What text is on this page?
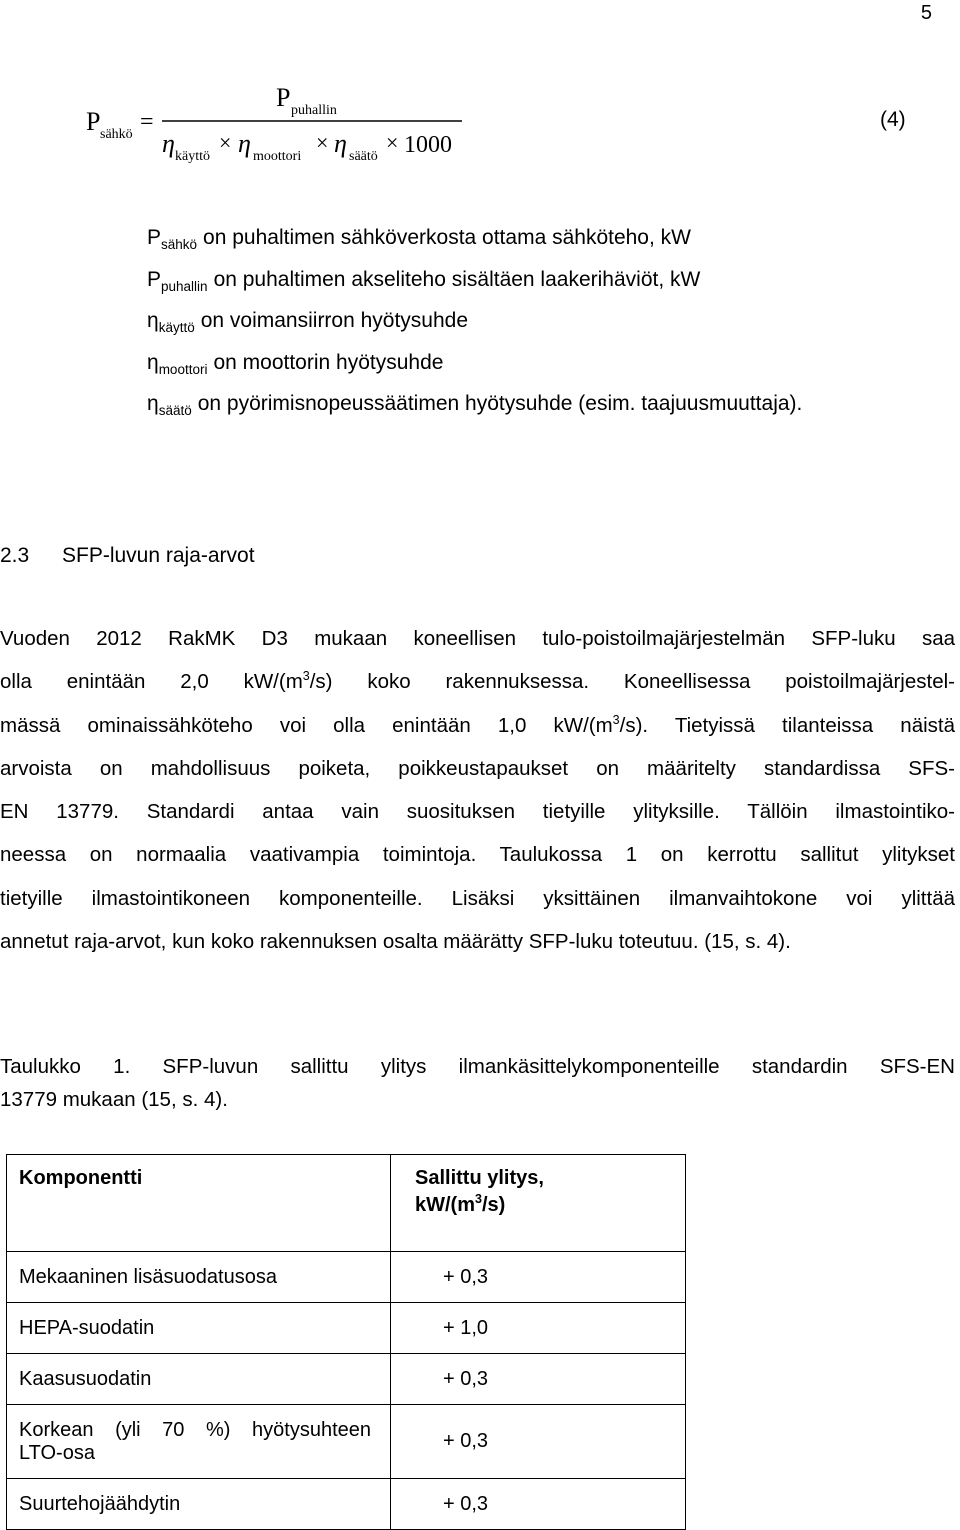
5
P sähkö =
P puhallin
η käyttö
× η moottori
× η säätö
× 1000
(4)
$P_{sähkö}$ on puhaltimen sähköverkosta ottama sähköteho, kW
$P_{puhallin}$ on puhaltimen akseliteho sisältäen laakerihäviöt, kW
$\eta_{käyttö}$ on voimansiirron hyötysuhde
$\eta_{moottori}$ on moottorin hyötysuhde
$\eta_{säätö}$ on pyörimisnopeussäätimen hyötysuhde (esim. taajuusmuuttaja).
2.3 SFP-luvun raja-arvot
Vuoden 2012 RakMK D3 mukaan koneellisen tulo-poistoilmajärjestelmän SFP-luku saa
olla enintään 2,0 $kW/(m^3/s)$ koko rakennuksessa. Koneellisessa poistoilmajärjestel-
mässä ominaissähköteho voi olla enintään 1,0 $kW/(m^3/s)$. Tietyissä tilanteissa näistä
arvoista on mahdollisuus poiketa, poikkeustapaukset on määritelty standardissa SFS-
EN 13779. Standardi antaa vain suosituksen tietyille ylityksille. Tällöin ilmastointiko-
neessa on normaalia vaativampia toimintoja. Taulukossa 1 on kerrottu sallitut ylitykset
tietyille ilmastointikoneen komponenteille. Lisäksi yksittäinen ilmanvaihtokone voi ylittää
annetut raja-arvot, kun koko rakennuksen osalta määrätty SFP-luku toteutuu. (15, s. 4).
Taulukko 1. SFP-luvun sallittu ylitys ilmankäsittelykomponenteille standardin SFS-EN
13779 mukaan (15, s. 4).
Komponentti	Sallittu ylitys,
$kW/(m^3/s)$

Mekaaninen lisäsuodatusosa	+ 0,3
HEPA-suodatin	+ 1,0
Kaasusuodatin	+ 0,3

Korkean (yli 70 %) hyötysuhteen
LTO-osa	+ 0,3
Suurtehojäähdytin	+ 0,3
